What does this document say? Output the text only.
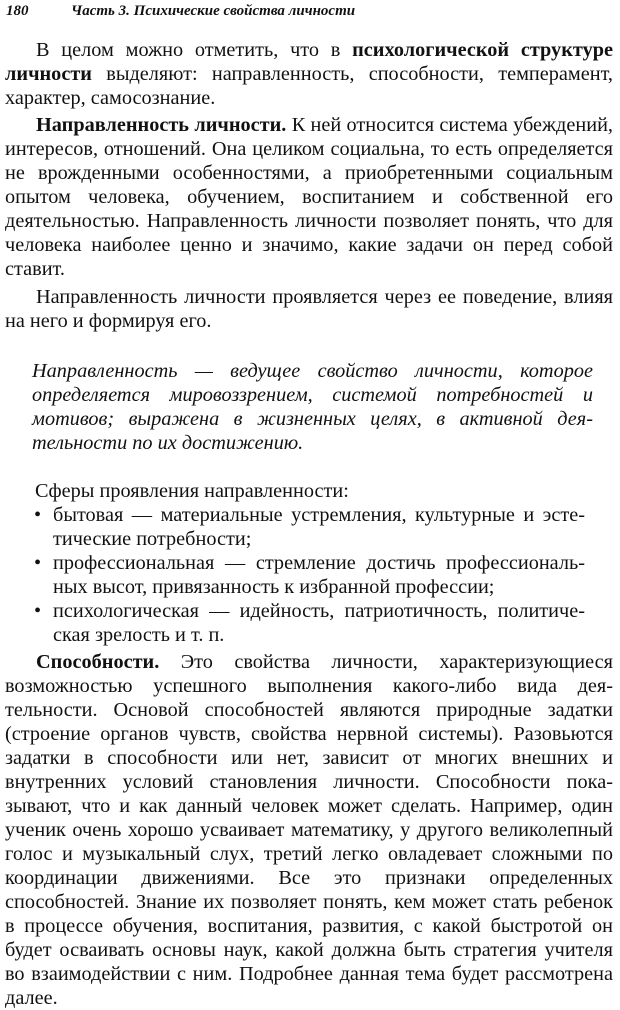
180	Часть 3. Психические свойства личности

В целом можно отметить, что в психологической структуре личности выделяют: направленность, способности, темперамент, характер, самосознание.

Направленность личности. К ней относится система убеждений, интересов, отношений. Она целиком социальна, то есть определяется не врожденными особенностями, а приобретенными социальным опытом человека, обучением, воспитанием и собственной его деятельностью. Направленность личности позволяет понять, что для человека наиболее ценно и значимо, какие задачи он перед собой ставит.

Направленность личности проявляется через ее поведение, влияя на него и формируя его.

Направленность — ведущее свойство личности, которое определяется мировоззрением, системой потребностей и мотивов; выражена в жизненных целях, в активной деятельности по их достижению.

Сферы проявления направленности:

• бытовая — материальные устремления, культурные и эстетические потребности;
• профессиональная — стремление достичь профессиональных высот, привязанность к избранной профессии;
• психологическая — идейность, патриотичность, политическая зрелость и т. п.

Способности. Это свойства личности, характеризующиеся возможностью успешного выполнения какого-либо вида деятельности. Основой способностей являются природные задатки (строение органов чувств, свойства нервной системы). Разовьются задатки в способности или нет, зависит от многих внешних и внутренних условий становления личности. Способности показывают, что и как данный человек может сделать. Например, один ученик очень хорошо усваивает математику, у другого великолепный голос и музыкальный слух, третий легко овладевает сложными по координации движениями. Все это признаки определенных способностей. Знание их позволяет понять, кем может стать ребенок в процессе обучения, воспитания, развития, с какой быстротой он будет осваивать основы наук, какой должна быть стратегия учителя во взаимодействии с ним. Подробнее данная тема будет рассмотрена далее.
